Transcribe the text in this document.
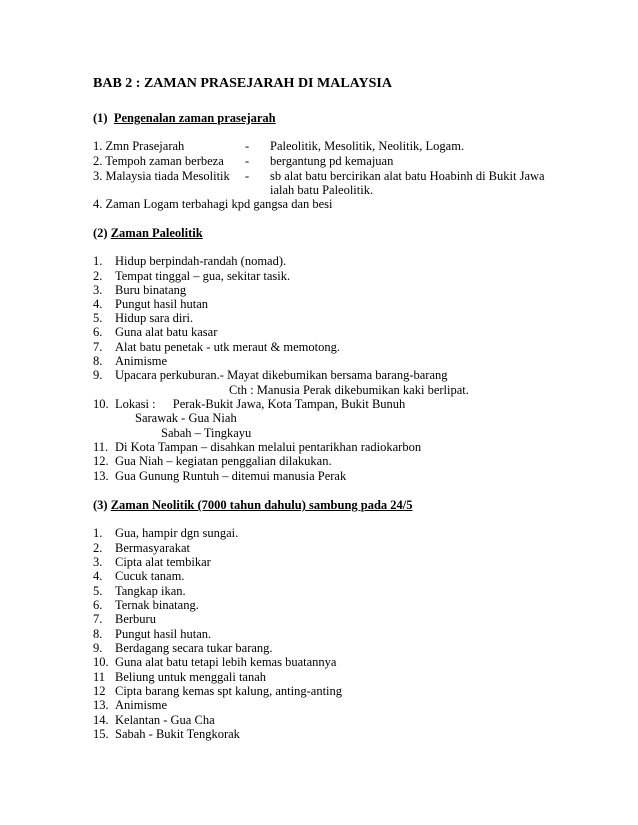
BAB 2 : ZAMAN PRASEJARAH DI MALAYSIA
(1) Pengenalan zaman prasejarah
1. Zmn Prasejarah	- Paleolitik, Mesolitik, Neolitik, Logam.
2. Tempoh zaman berbeza - bergantung pd kemajuan
3. Malaysia tiada Mesolitik - sb alat batu bercirikan alat batu Hoabinh di Bukit Jawa
ialah batu Paleolitik.
4. Zaman Logam terbahagi kpd gangsa dan besi
(2) Zaman Paleolitik
1. Hidup berpindah-randah (nomad).
2. Tempat tinggal – gua, sekitar tasik.
3. Buru binatang
4. Pungut hasil hutan
5. Hidup sara diri.
6. Guna alat batu kasar
7. Alat batu penetak - utk meraut & memotong.
8. Animisme
9. Upacara perkuburan.- Mayat dikebumikan bersama barang-barang
Cth : Manusia Perak dikebumikan kaki berlipat.
10. Lokasi : Perak-Bukit Jawa, Kota Tampan, Bukit Bunuh
Sarawak - Gua Niah
Sabah – Tingkayu
11. Di Kota Tampan – disahkan melalui pentarikhan radiokarbon
12. Gua Niah – kegiatan penggalian dilakukan.
13. Gua Gunung Runtuh – ditemui manusia Perak
(3) Zaman Neolitik (7000 tahun dahulu) sambung pada 24/5
1. Gua, hampir dgn sungai.
2. Bermasyarakat
3. Cipta alat tembikar
4. Cucuk tanam.
5. Tangkap ikan.
6. Ternak binatang.
7. Berburu
8. Pungut hasil hutan.
9. Berdagang secara tukar barang.
10. Guna alat batu tetapi lebih kemas buatannya
11 Beliung untuk menggali tanah
12 Cipta barang kemas spt kalung, anting-anting
13. Animisme
14. Kelantan - Gua Cha
15. Sabah - Bukit Tengkorak
